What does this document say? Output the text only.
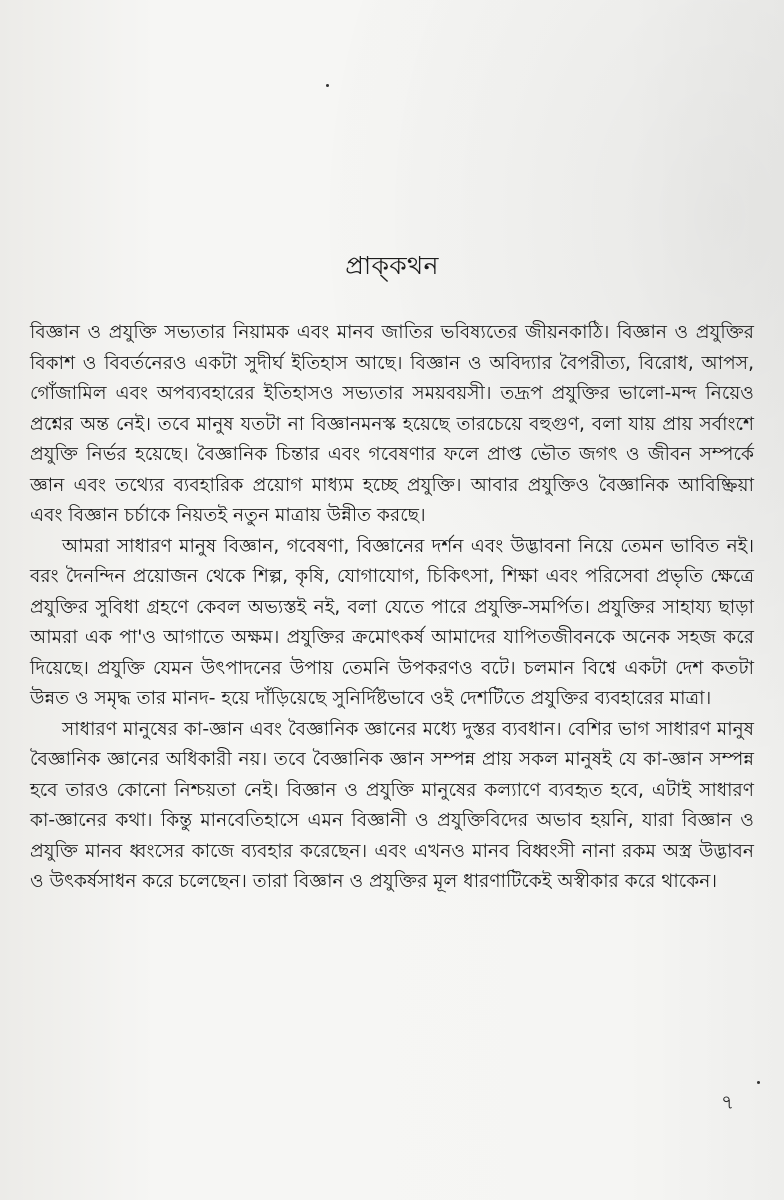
প্রাক্‌কথন

বিজ্ঞান ও প্রযুক্তি সভ্যতার নিয়ামক এবং মানব জাতির ভবিষ্যতের জীয়নকাঠি। বিজ্ঞান ও প্রযুক্তির বিকাশ ও বিবর্তনেরও একটা সুদীর্ঘ ইতিহাস আছে। বিজ্ঞান ও অবিদ্যার বৈপরীত্য, বিরোধ, আপস, গোঁজামিল এবং অপব্যবহারের ইতিহাসও সভ্যতার সময়বয়সী। তদ্রূপ প্রযুক্তির ভালো-মন্দ নিয়েও প্রশ্নের অন্ত নেই। তবে মানুষ যতটা না বিজ্ঞানমনস্ক হয়েছে তারচেয়ে বহুগুণ, বলা যায় প্রায় সর্বাংশে প্রযুক্তি নির্ভর হয়েছে। বৈজ্ঞানিক চিন্তার এবং গবেষণার ফলে প্রাপ্ত ভৌত জগৎ ও জীবন সম্পর্কে জ্ঞান এবং তথ্যের ব্যবহারিক প্রয়োগ মাধ্যম হচ্ছে প্রযুক্তি। আবার প্রযুক্তিও বৈজ্ঞানিক আবিষ্ক্রিয়া এবং বিজ্ঞান চর্চাকে নিয়তই নতুন মাত্রায় উন্নীত করছে।

আমরা সাধারণ মানুষ বিজ্ঞান, গবেষণা, বিজ্ঞানের দর্শন এবং উদ্ভাবনা নিয়ে তেমন ভাবিত নই। বরং দৈনন্দিন প্রয়োজন থেকে শিল্প, কৃষি, যোগাযোগ, চিকিৎসা, শিক্ষা এবং পরিসেবা প্রভৃতি ক্ষেত্রে প্রযুক্তির সুবিধা গ্রহণে কেবল অভ্যস্তই নই, বলা যেতে পারে প্রযুক্তি-সমর্পিত। প্রযুক্তির সাহায্য ছাড়া আমরা এক পা'ও আগাতে অক্ষম। প্রযুক্তির ক্রমোৎকর্ষ আমাদের যাপিতজীবনকে অনেক সহজ করে দিয়েছে। প্রযুক্তি যেমন উৎপাদনের উপায় তেমনি উপকরণও বটে। চলমান বিশ্বে একটা দেশ কতটা উন্নত ও সমৃদ্ধ তার মানদ- হয়ে দাঁড়িয়েছে সুনির্দিষ্টভাবে ওই দেশটিতে প্রযুক্তির ব্যবহারের মাত্রা।

সাধারণ মানুষের কা-জ্ঞান এবং বৈজ্ঞানিক জ্ঞানের মধ্যে দুস্তর ব্যবধান। বেশির ভাগ সাধারণ মানুষ বৈজ্ঞানিক জ্ঞানের অধিকারী নয়। তবে বৈজ্ঞানিক জ্ঞান সম্পন্ন প্রায় সকল মানুষই যে কা-জ্ঞান সম্পন্ন হবে তারও কোনো নিশ্চয়তা নেই। বিজ্ঞান ও প্রযুক্তি মানুষের কল্যাণে ব্যবহৃত হবে, এটাই সাধারণ কা-জ্ঞানের কথা। কিন্তু মানবেতিহাসে এমন বিজ্ঞানী ও প্রযুক্তিবিদের অভাব হয়নি, যারা বিজ্ঞান ও প্রযুক্তি মানব ধ্বংসের কাজে ব্যবহার করেছেন। এবং এখনও মানব বিধ্বংসী নানা রকম অস্ত্র উদ্ভাবন ও উৎকর্ষসাধন করে চলেছেন। তারা বিজ্ঞান ও প্রযুক্তির মূল ধারণাটিকেই অস্বীকার করে থাকেন।

৭
